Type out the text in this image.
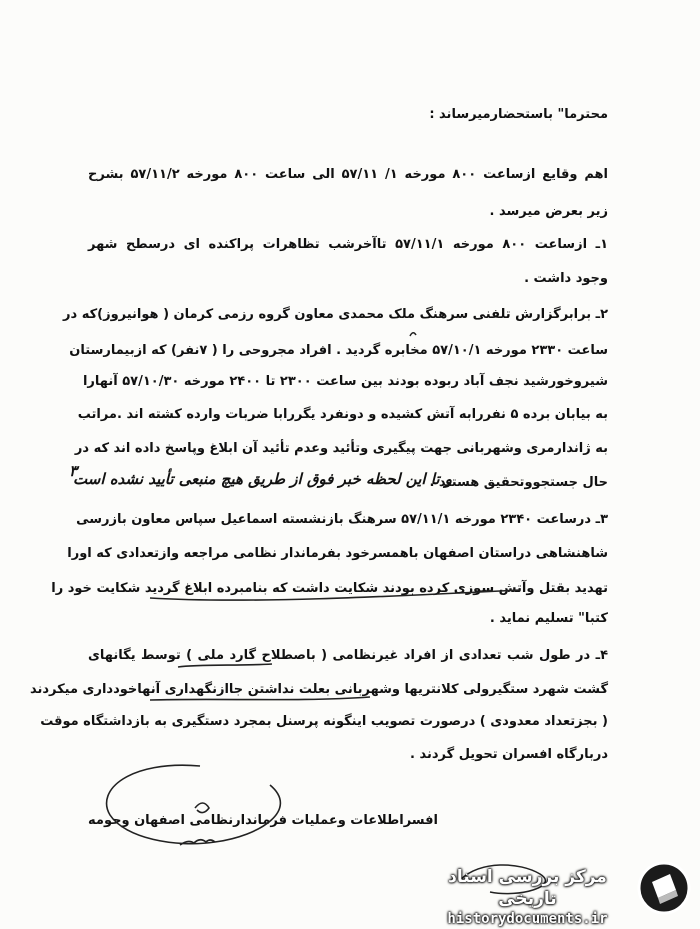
محترما" باستحضارمیرساند :
اهم وقایع ازساعت ۸۰۰ مورخه ۱/ ۵۷/۱۱ الی ساعت ۸۰۰ مورخه ۵۷/۱۱/۲ بشرح
زیر بعرض میرسد .
۱ـ ازساعت ۸۰۰ مورخه ۵۷/۱۱/۱ تاآخرشب تظاهرات پراکنده ای درسطح شهر
وجود داشت .
۲ـ برابرگزارش تلفنی سرهنگ ملک محمدی معاون گروه رزمی کرمان ( هوانیروز)که در
ساعت ۲۳۳۰ مورخه ۵۷/۱۰/۱ مخابره گردید . افراد مجروحی را ( ۷نفر) که ازبیمارستان
شیروخورشید نجف آباد ربوده بودند بین ساعت ۲۳۰۰ تا ۲۴۰۰ مورخه ۵۷/۱۰/۳۰ آنهارا
به بیابان برده ۵ نفررابه آتش کشیده و دونفرد یگررابا ضربات وارده کشته اند .مراتب
به ژاندارمری وشهربانی جهت پیگیری وتأئید وعدم تأئید آن ابلاغ وپاسخ داده اند که در
حال جستجووتحقیق هستند .
و تا این لحظه خبر فوق از طریق هیچ منبعی تأیید نشده است
۳
۳ـ درساعت ۲۳۴۰ مورخه ۵۷/۱۱/۱ سرهنگ بازنشسته اسماعیل سپاس معاون بازرسی
شاهنشاهی دراستان اصفهان باهمسرخود بفرماندار نظامی مراجعه وازتعدادی که اورا
تهدید بقتل وآتش سوزی کرده بودند شکایت داشت که بنامبرده ابلاغ گردید شکایت خود را
کتبا" تسلیم نماید .
۴ـ در طول شب تعدادی از افراد غیرنظامی ( باصطلاح گارد ملی ) توسط یگانهای
گشت شهرد ستگیرولی کلانتریها وشهربانی بعلت نداشتن جاازنگهداری آنهاخودداری میکردند
( بجزتعداد معدودی ) درصورت تصویب اینگونه پرسنل بمجرد دستگیری به بازداشتگاه موقت
دربارگاه افسران تحویل گردند .
افسراطلاعات وعملیات فرماندارنظامی اصفهان وحومه
مرکز بررسی اسناد تاریخی
historydocuments.ir
